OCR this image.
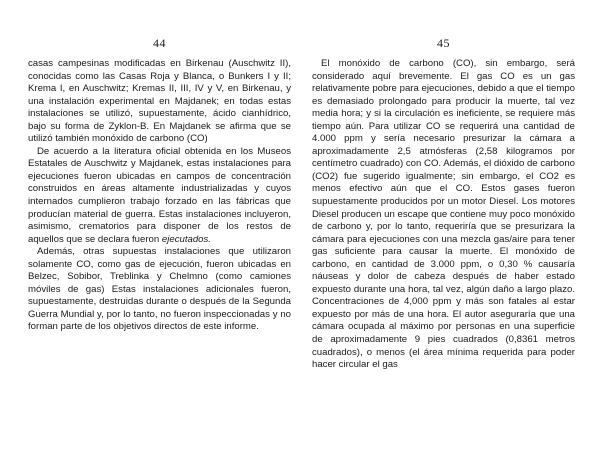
44

casas campesinas modificadas en Birkenau (Auschwitz II), conocidas como las Casas Roja y Blanca, o Bunkers I y II; Krema I, en Auschwitz; Kremas II, III, IV y V, en Birkenau, y una instalación experimental en Majdanek; en todas estas instalaciones se utilizó, supuestamente, ácido cianhídrico, bajo su forma de Zyklon-B. En Majdanek se afirma que se utilizó también monóxido de carbono (CO)

De acuerdo a la literatura oficial obtenida en los Museos Estatales de Auschwitz y Majdanek, estas instalaciones para ejecuciones fueron ubicadas en campos de concentración construidos en áreas altamente industrializadas y cuyos internados cumplieron trabajo forzado en las fábricas que producían material de guerra. Estas instalaciones incluyeron, asimismo, crematorios para disponer de los restos de aquellos que se declara fueron ejecutados.

Además, otras supuestas instalaciones que utilizaron solamente CO, como gas de ejecución, fueron ubicadas en Belzec, Sobibor, Treblinka y Chelmno (como camiones móviles de gas) Estas instalaciones adicionales fueron, supuestamente, destruidas durante o después de la Segunda Guerra Mundial y, por lo tanto, no fueron inspeccionadas y no forman parte de los objetivos directos de este informe.

45

El monóxido de carbono (CO), sin embargo, será considerado aquí brevemente. El gas CO es un gas relativamente pobre para ejecuciones, debido a que el tiempo es demasiado prolongado para producir la muerte, tal vez media hora; y si la circulación es ineficiente, se requiere más tiempo aún. Para utilizar CO se requerirá una cantidad de 4.000 ppm y sería necesario presurizar la cámara a aproximadamente 2,5 atmósferas (2,58 kilogramos por centímetro cuadrado) con CO. Además, el dióxido de carbono (CO2) fue sugerido igualmente; sin embargo, el CO2 es menos efectivo aún que el CO. Estos gases fueron supuestamente producidos por un motor Diesel. Los motores Diesel producen un escape que contiene muy poco monóxido de carbono y, por lo tanto, requeriría que se presurizara la cámara para ejecuciones con una mezcla gas/aire para tener gas suficiente para causar la muerte. El monóxido de carbono, en cantidad de 3.000 ppm, o 0,30 % causaría náuseas y dolor de cabeza después de haber estado expuesto durante una hora, tal vez, algún daño a largo plazo. Concentraciones de 4,000 ppm y más son fatales al estar expuesto por más de una hora. El autor aseguraría que una cámara ocupada al máximo por personas en una superficie de aproximadamente 9 pies cuadrados (0,8361 metros cuadrados), o menos (el área mínima requerida para poder hacer circular el gas
